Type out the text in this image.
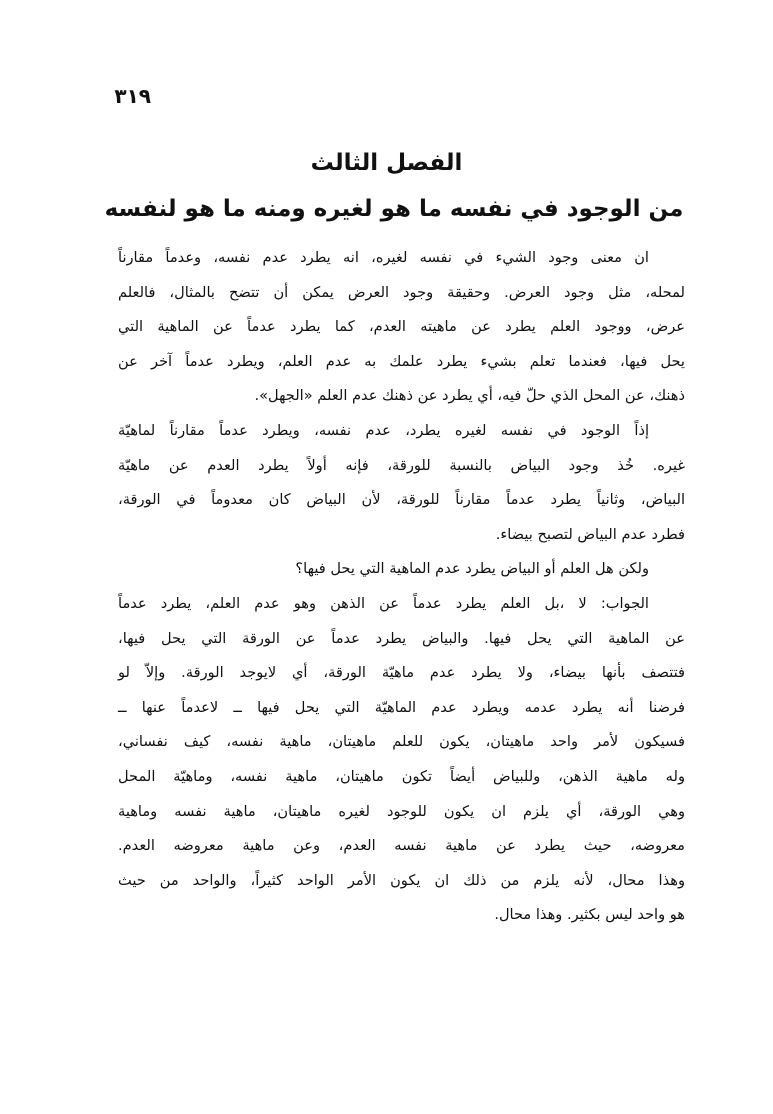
٣١٩
الفصل الثالث
من الوجود في نفسه ما هو لغيره ومنه ما هو لنفسه
ان معنى وجود الشيء في نفسه لغيره، انه يطرد عدم نفسه، وعدماً مقارناً
لمحله، مثل وجود العرض. وحقيقة وجود العرض يمكن أن تتضح بالمثال، فالعلم
عرض، ووجود العلم يطرد عن ماهيته العدم، كما يطرد عدماً عن الماهية التي
يحل فيها، فعندما تعلم بشيء يطرد علمك به عدم العلم، ويطرد عدماً آخر عن
ذهنك، عن المحل الذي حلّ فيه، أي يطرد عن ذهنك عدم العلم «الجهل».
إذاً الوجود في نفسه لغيره يطرد، عدم نفسه، ويطرد عدماً مقارناً لماهيّة
غيره. خُذ وجود البياض بالنسبة للورقة، فإنه أولاً يطرد العدم عن ماهيّة
البياض، وثانياً يطرد عدماً مقارناً للورقة، لأن البياض كان معدوماً في الورقة،
فطرد عدم البياض لتصبح بيضاء.
ولكن هل العلم أو البياض يطرد عدم الماهية التي يحل فيها؟
الجواب: لا ،بل العلم يطرد عدماً عن الذهن وهو عدم العلم، يطرد عدماً
عن الماهية التي يحل فيها. والبياض يطرد عدماً عن الورقة التي يحل فيها،
فتتصف بأنها بيضاء، ولا يطرد عدم ماهيّة الورقة، أي لايوجد الورقة. وإلاّ لو
فرضنا أنه يطرد عدمه ويطرد عدم الماهيّة التي يحل فيها ــ لاعدماً عنها ــ
فسيكون لأمر واحد ماهيتان، يكون للعلم ماهيتان، ماهية نفسه، كيف نفساني،
وله ماهية الذهن، وللبياض أيضاً تكون ماهيتان، ماهية نفسه، وماهيّة المحل
وهي الورقة، أي يلزم ان يكون للوجود لغيره ماهيتان، ماهية نفسه وماهية
معروضه، حيث يطرد عن ماهية نفسه العدم، وعن ماهية معروضه العدم.
وهذا محال، لأنه يلزم من ذلك ان يكون الأمر الواحد كثيراً، والواحد من حيث
هو واحد ليس بكثير. وهذا محال.
